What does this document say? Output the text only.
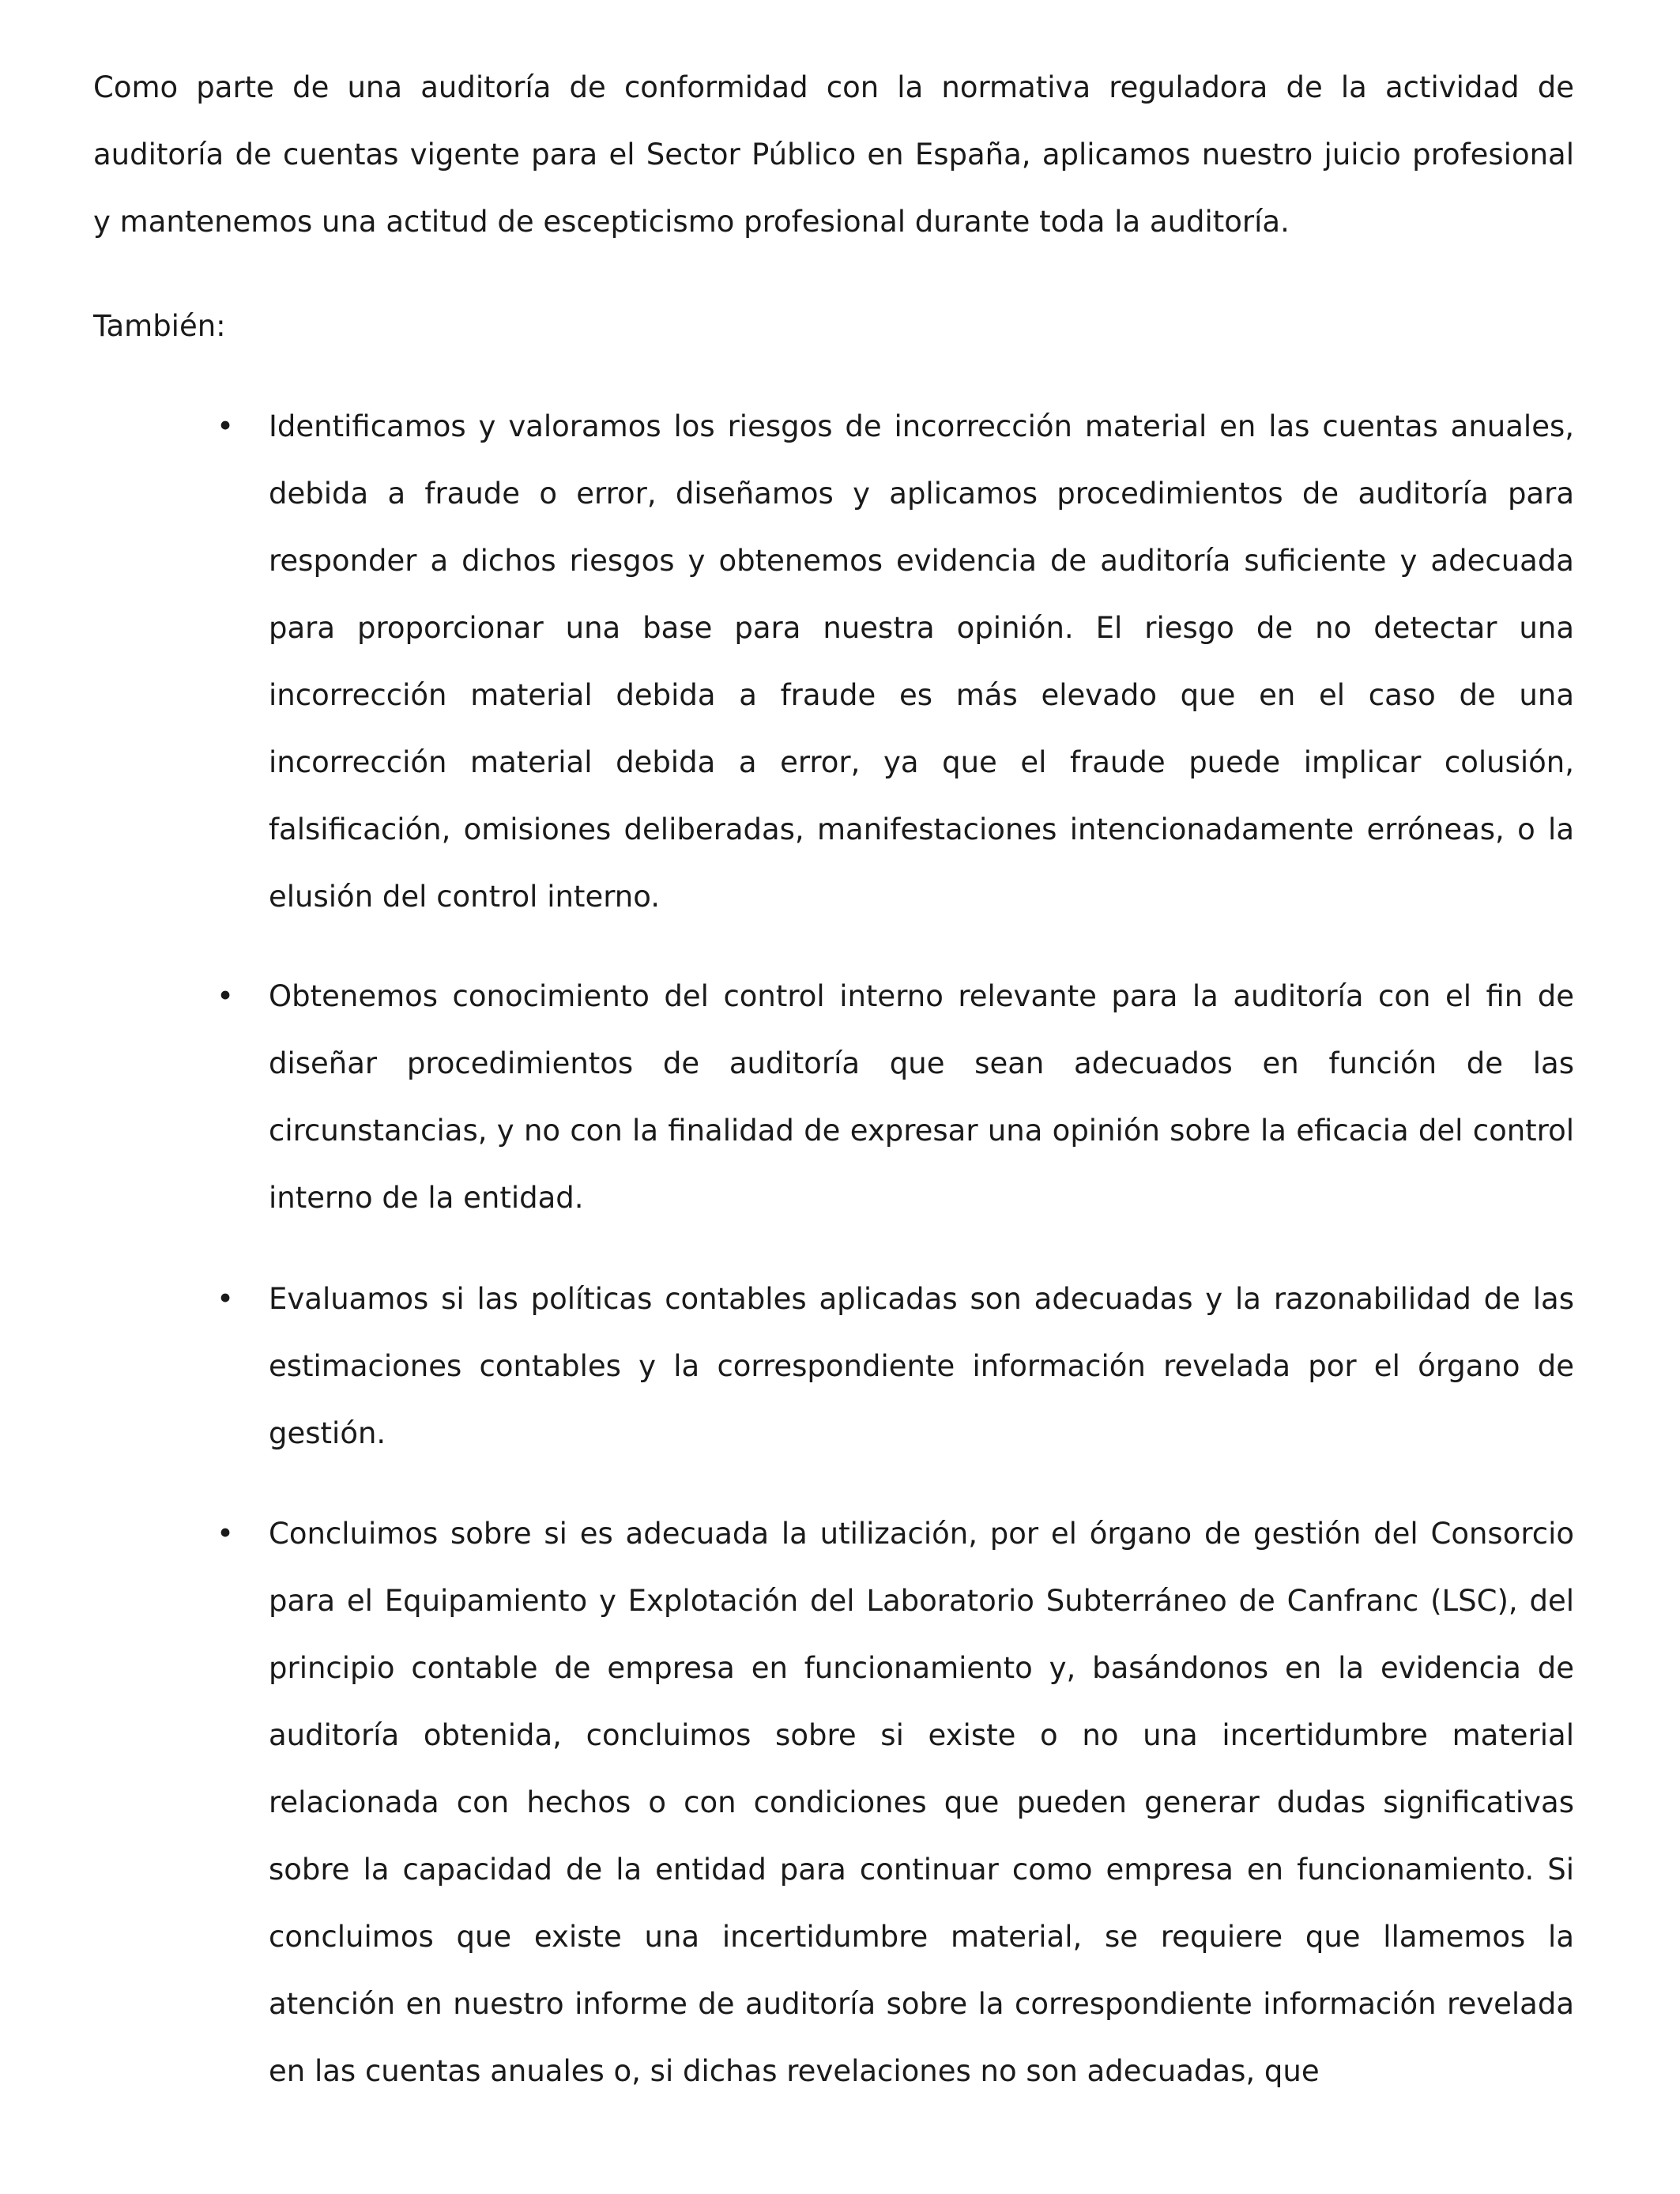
Como parte de una auditoría de conformidad con la normativa reguladora de la actividad de auditoría de cuentas vigente para el Sector Público en España, aplicamos nuestro juicio profesional y mantenemos una actitud de escepticismo profesional durante toda la auditoría.

También:

• Identificamos y valoramos los riesgos de incorrección material en las cuentas anuales, debida a fraude o error, diseñamos y aplicamos procedimientos de auditoría para responder a dichos riesgos y obtenemos evidencia de auditoría suficiente y adecuada para proporcionar una base para nuestra opinión. El riesgo de no detectar una incorrección material debida a fraude es más elevado que en el caso de una incorrección material debida a error, ya que el fraude puede implicar colusión, falsificación, omisiones deliberadas, manifestaciones intencionadamente erróneas, o la elusión del control interno.

• Obtenemos conocimiento del control interno relevante para la auditoría con el fin de diseñar procedimientos de auditoría que sean adecuados en función de las circunstancias, y no con la finalidad de expresar una opinión sobre la eficacia del control interno de la entidad.

• Evaluamos si las políticas contables aplicadas son adecuadas y la razonabilidad de las estimaciones contables y la correspondiente información revelada por el órgano de gestión.

• Concluimos sobre si es adecuada la utilización, por el órgano de gestión del Consorcio para el Equipamiento y Explotación del Laboratorio Subterráneo de Canfranc (LSC), del principio contable de empresa en funcionamiento y, basándonos en la evidencia de auditoría obtenida, concluimos sobre si existe o no una incertidumbre material relacionada con hechos o con condiciones que pueden generar dudas significativas sobre la capacidad de la entidad para continuar como empresa en funcionamiento. Si concluimos que existe una incertidumbre material, se requiere que llamemos la atención en nuestro informe de auditoría sobre la correspondiente información revelada en las cuentas anuales o, si dichas revelaciones no son adecuadas, que
